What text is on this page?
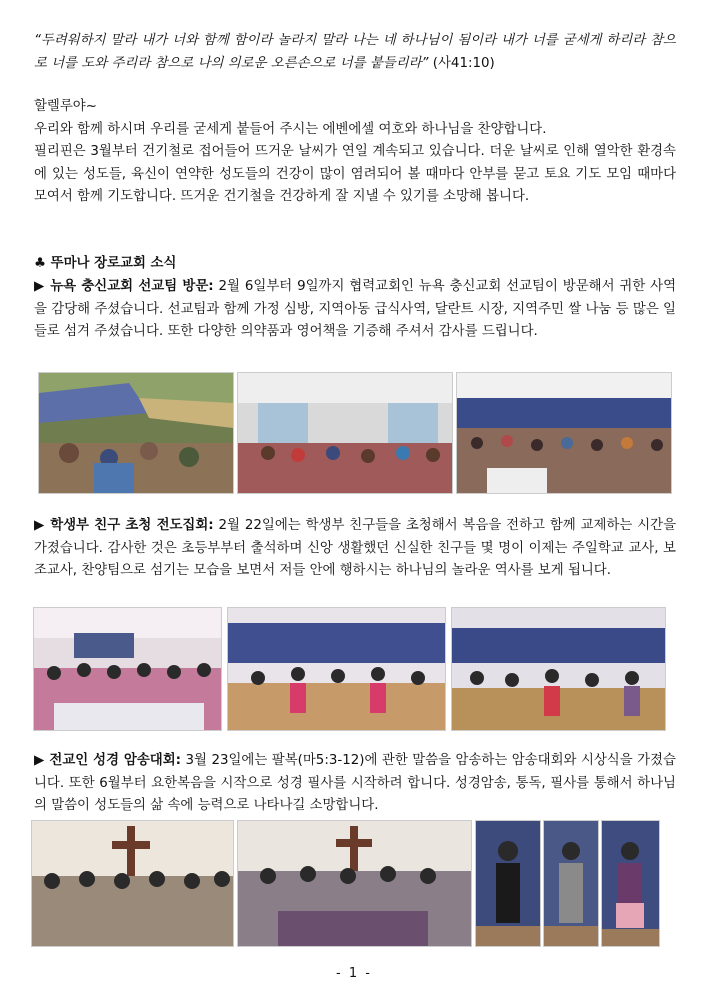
“두려워하지 말라 내가 너와 함께 함이라 놀라지 말라 나는 네 하나님이 됨이라 내가 너를 굳세게 하리라 참으로 너를 도와 주리라 참으로 나의 의로운 오른손으로 너를 붙들리라” (사41:10)
할렐루야~
우리와 함께 하시며 우리를 굳세게 붙들어 주시는 에벤에셀 여호와 하나님을 찬양합니다.
필리핀은 3월부터 건기철로 접어들어 뜨거운 날씨가 연일 계속되고 있습니다. 더운 날씨로 인해 열악한 환경속에 있는 성도들, 육신이 연약한 성도들의 건강이 많이 염려되어 볼 때마다 안부를 묻고 토요 기도 모임 때마다 모여서 함께 기도합니다. 뜨거운 건기철을 건강하게 잘 지낼 수 있기를 소망해 봅니다.
♣ 뚜마나 장로교회 소식
▶ 뉴욕 충신교회 선교팀 방문: 2월 6일부터 9일까지 협력교회인 뉴욕 충신교회 선교팀이 방문해서 귀한 사역을 감당해 주셨습니다. 선교팀과 함께 가정 심방, 지역아동 급식사역, 달란트 시장, 지역주민 쌀 나눔 등 많은 일들로 섬겨 주셨습니다. 또한 다양한 의약품과 영어책을 기증해 주셔서 감사를 드립니다.
▶ 학생부 친구 초청 전도집회: 2월 22일에는 학생부 친구들을 초청해서 복음을 전하고 함께 교제하는 시간을 가졌습니다. 감사한 것은 초등부부터 출석하며 신앙 생활했던 신실한 친구들 몇 명이 이제는 주일학교 교사, 보조교사, 찬양팀으로 섬기는 모습을 보면서 저들 안에 행하시는 하나님의 놀라운 역사를 보게 됩니다.
▶ 전교인 성경 암송대회: 3월 23일에는 팔복(마5:3-12)에 관한 말씀을 암송하는 암송대회와 시상식을 가졌습니다. 또한 6월부터 요한복음을 시작으로 성경 필사를 시작하려 합니다. 성경암송, 통독, 필사를 통해서 하나님의 말씀이 성도들의 삶 속에 능력으로 나타나길 소망합니다.
- 1 -
